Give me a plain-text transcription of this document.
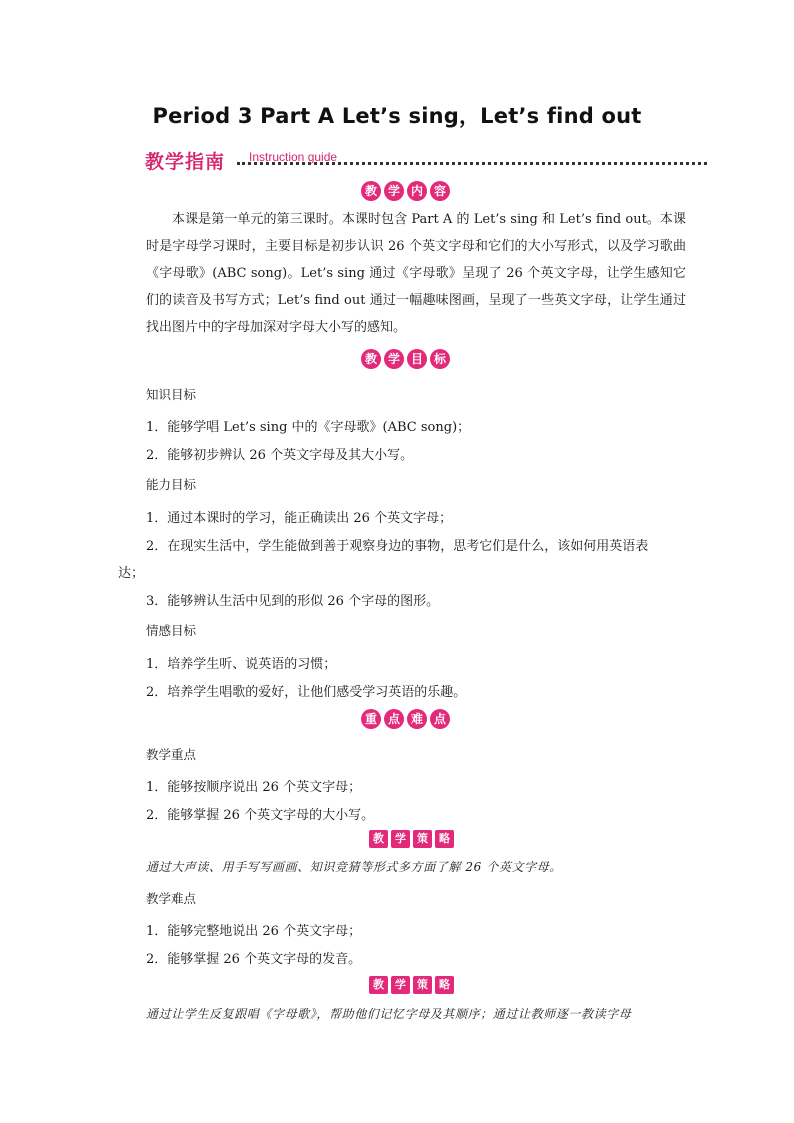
Period 3 Part A Let’s sing，Let’s find out
教学指南 Instruction guide
教 学 内 容
本课是第一单元的第三课时。本课时包含 Part A 的 Let’s sing 和 Let’s find out。本课时是字母学习课时，主要目标是初步认识 26 个英文字母和它们的大小写形式，以及学习歌曲《字母歌》(ABC song)。Let’s sing 通过《字母歌》呈现了 26 个英文字母，让学生感知它们的读音及书写方式；Let’s find out 通过一幅趣味图画，呈现了一些英文字母，让学生通过找出图片中的字母加深对字母大小写的感知。
教 学 目 标
知识目标
1．能够学唱 Let’s sing 中的《字母歌》(ABC song)；
2．能够初步辨认 26 个英文字母及其大小写。
能力目标
1．通过本课时的学习，能正确读出 26 个英文字母；
2．在现实生活中，学生能做到善于观察身边的事物，思考它们是什么，该如何用英语表
达；
3．能够辨认生活中见到的形似 26 个字母的图形。
情感目标
1．培养学生听、说英语的习惯；
2．培养学生唱歌的爱好，让他们感受学习英语的乐趣。
重 点 难 点
教学重点
1．能够按顺序说出 26 个英文字母；
2．能够掌握 26 个英文字母的大小写。
教	学	策	略
通过大声读、用手写写画画、知识竞猜等形式多方面了解 26 个英文字母。
教学难点
1．能够完整地说出 26 个英文字母；
2．能够掌握 26 个英文字母的发音。
教	学	策	略
通过让学生反复跟唱《字母歌》，帮助他们记忆字母及其顺序；通过让教师逐一教读字母
